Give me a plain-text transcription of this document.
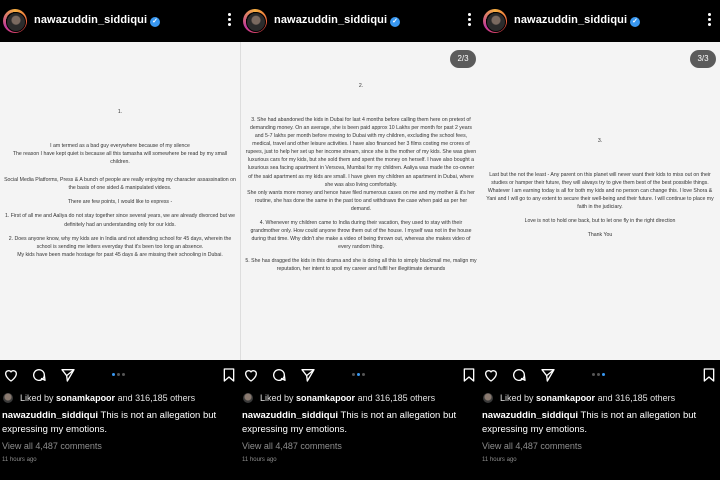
nawazuddin_siddiqui ✓

1.

I am termed as a bad guy everywhere because of my silence
The reason I have kept quiet is because all this tamasha will somewhere be read by my small children.

Social Media Platforms, Press & A bunch of people are really enjoying my character assassination on the basis of one sided & manipulated videos.

There are few points, I would like to express -

1. First of all me and Aaliya do not stay together since several years, we are already divorced but we definitely had an understanding only for our kids.

2. Does anyone know, why my kids are in India and not attending school for 45 days, wherein the school is sending me letters everyday that it's been too long an absence.
My kids have been made hostage for past 45 days & are missing their schooling in Dubai.

Liked by sonamkapoor and 316,185 others
nawazuddin_siddiqui This is not an allegation but expressing my emotions.
View all 4,487 comments
11 hours ago
nawazuddin_siddiqui ✓
2/3

2.

3. She had abandoned the kids in Dubai for last 4 months before calling them here on pretext of demanding money. On an average, she is been paid approx 10 Lakhs per month for past 2 years and 5-7 lakhs per month before moving to Dubai with my children, excluding the school fees, medical, travel and other leisure activities. I have also financed her 3 films costing me crores of rupees, just to help her set up her income stream, since she is the mother of my kids. She was given luxurious cars for my kids, but she sold them and spent the money on herself. I have also bought a luxurious sea facing apartment in Versova, Mumbai for my children. Aaliya was made the co-owner of the said apartment as my kids are small. I have given my children an apartment in Dubai, where she was also living comfortably.
She only wants more money and hence have filed numerous cases on me and my mother & it's her routine, she has done the same in the past too and withdraws the case when paid as per her demand.

4. Whenever my children came to India during their vacation, they used to stay with their grandmother only. How could anyone throw them out of the house. I myself was not in the house during that time. Why didn't she make a video of being thrown out, whereas she makes video of every random thing.

5. She has dragged the kids in this drama and she is doing all this to simply blackmail me, malign my reputation, her intent to spoil my career and fulfil her illegitimate demands

Liked by sonamkapoor and 316,185 others
nawazuddin_siddiqui This is not an allegation but expressing my emotions.
View all 4,487 comments
11 hours ago
nawazuddin_siddiqui ✓
3/3

3.

Last but the not the least - Any parent on this planet will never want their kids to miss out on their studies or hamper their future, they will always try to give them best of the best possible things. Whatever I am earning today is all for both my kids and no person can change this. I love Shora & Yani and I will go to any extent to secure their well-being and their future. I will continue to place my faith in the judiciary.

Love is not to hold one back, but to let one fly in the right direction

Thank You

Liked by sonamkapoor and 316,185 others
nawazuddin_siddiqui This is not an allegation but expressing my emotions.
View all 4,487 comments
11 hours ago
